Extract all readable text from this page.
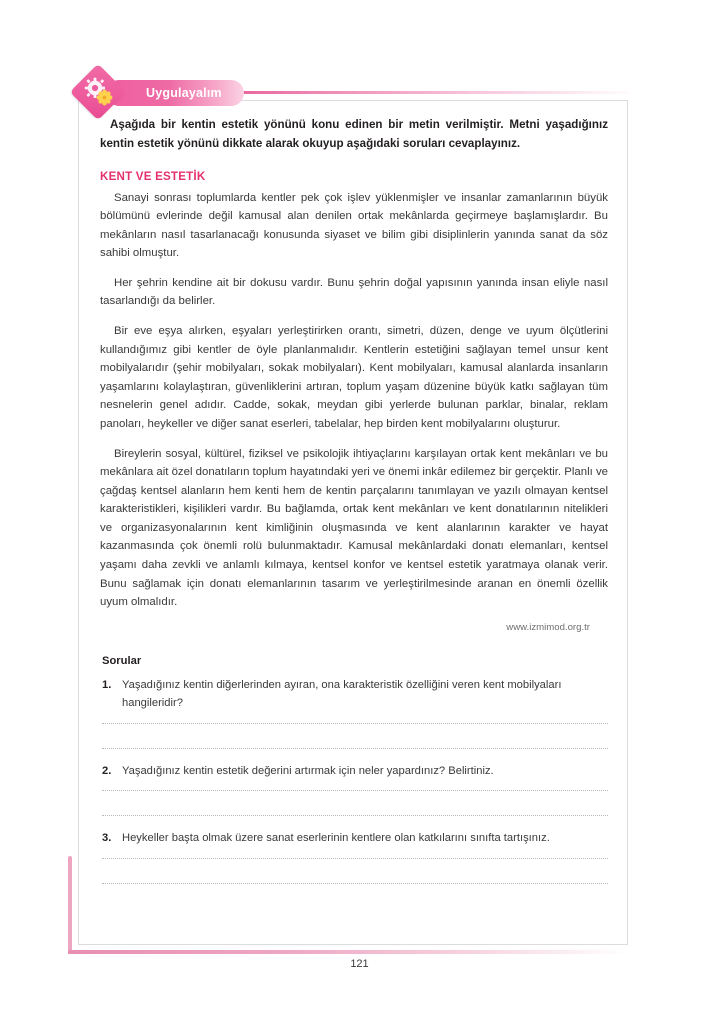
Uygulayalım

Aşağıda bir kentin estetik yönünü konu edinen bir metin verilmiştir. Metni yaşadığınız kentin estetik yönünü dikkate alarak okuyup aşağıdaki soruları cevaplayınız.

KENT VE ESTETİK

Sanayi sonrası toplumlarda kentler pek çok işlev yüklenmişler ve insanlar zamanlarının büyük bölümünü evlerinde değil kamusal alan denilen ortak mekânlarda geçirmeye başlamışlardır. Bu mekânların nasıl tasarlanacağı konusunda siyaset ve bilim gibi disiplinlerin yanında sanat da söz sahibi olmuştur.

Her şehrin kendine ait bir dokusu vardır. Bunu şehrin doğal yapısının yanında insan eliyle nasıl tasarlandığı da belirler.

Bir eve eşya alırken, eşyaları yerleştirirken orantı, simetri, düzen, denge ve uyum ölçütlerini kullandığımız gibi kentler de öyle planlanmalıdır. Kentlerin estetiğini sağlayan temel unsur kent mobilyalarıdır (şehir mobilyaları, sokak mobilyaları). Kent mobilyaları, kamusal alanlarda insanların yaşamlarını kolaylaştıran, güvenliklerini artıran, toplum yaşam düzenine büyük katkı sağlayan tüm nesnelerin genel adıdır. Cadde, sokak, meydan gibi yerlerde bulunan parklar, binalar, reklam panoları, heykeller ve diğer sanat eserleri, tabelalar, hep birden kent mobilyalarını oluşturur.

Bireylerin sosyal, kültürel, fiziksel ve psikolojik ihtiyaçlarını karşılayan ortak kent mekânları ve bu mekânlara ait özel donatıların toplum hayatındaki yeri ve önemi inkâr edilemez bir gerçektir. Planlı ve çağdaş kentsel alanların hem kenti hem de kentin parçalarını tanımlayan ve yazılı olmayan kentsel karakteristikleri, kişilikleri vardır. Bu bağlamda, ortak kent mekânları ve kent donatılarının nitelikleri ve organizasyonalarının kent kimliğinin oluşmasında ve kent alanlarının karakter ve hayat kazanmasında çok önemli rolü bulunmaktadır. Kamusal mekânlardaki donatı elemanları, kentsel yaşamı daha zevkli ve anlamlı kılmaya, kentsel konfor ve kentsel estetik yaratmaya olanak verir. Bunu sağlamak için donatı elemanlarının tasarım ve yerleştirilmesinde aranan en önemli özellik uyum olmalıdır.

www.izmimod.org.tr

Sorular
1. Yaşadığınız kentin diğerlerinden ayıran, ona karakteristik özelliğini veren kent mobilyaları hangileridir?
2. Yaşadığınız kentin estetik değerini artırmak için neler yapardınız? Belirtiniz.
3. Heykeller başta olmak üzere sanat eserlerinin kentlere olan katkılarını sınıfta tartışınız.
121
